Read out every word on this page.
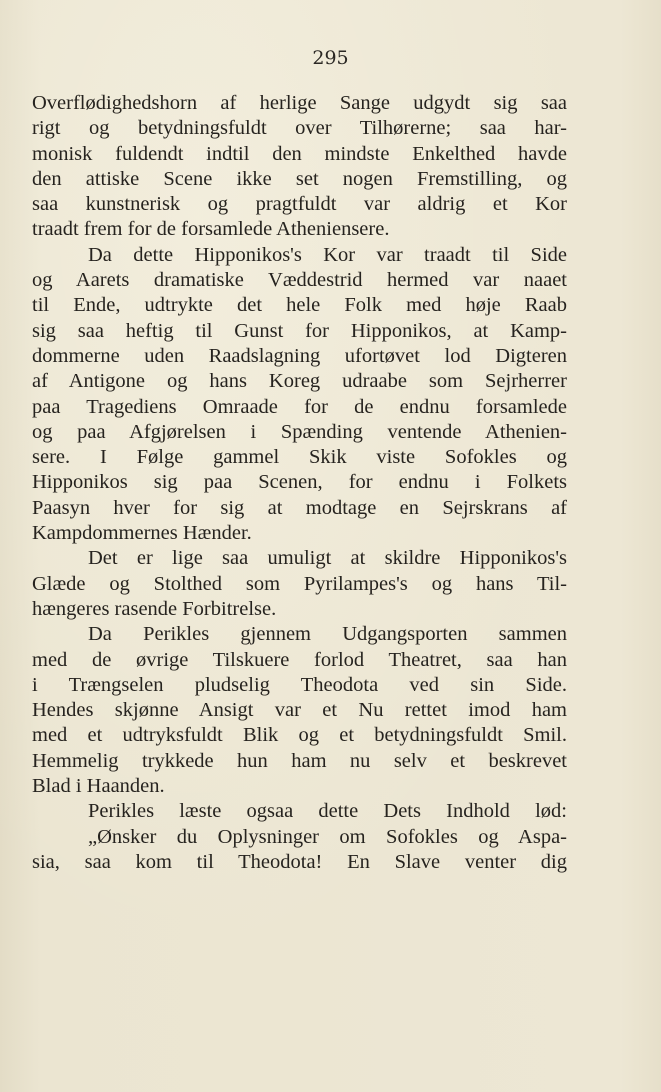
295
Overflødighedshorn af herlige Sange udgydt sig saa
rigt og betydningsfuldt over Tilhørerne; saa har-
monisk fuldendt indtil den mindste Enkelthed havde
den attiske Scene ikke set nogen Fremstilling, og
saa kunstnerisk og pragtfuldt var aldrig et Kor
traadt frem for de forsamlede Atheniensere.
Da dette Hipponikos's Kor var traadt til Side
og Aarets dramatiske Væddestrid hermed var naaet
til Ende, udtrykte det hele Folk med høje Raab
sig saa heftig til Gunst for Hipponikos, at Kamp-
dommerne uden Raadslagning ufortøvet lod Digteren
af Antigone og hans Koreg udraabe som Sejrherrer
paa Tragediens Omraade for de endnu forsamlede
og paa Afgjørelsen i Spænding ventende Athenien-
sere. I Følge gammel Skik viste Sofokles og
Hipponikos sig paa Scenen, for endnu i Folkets
Paasyn hver for sig at modtage en Sejrskrans af
Kampdommernes Hænder.
Det er lige saa umuligt at skildre Hipponikos's
Glæde og Stolthed som Pyrilampes's og hans Til-
hængeres rasende Forbitrelse.
Da Perikles gjennem Udgangsporten sammen
med de øvrige Tilskuere forlod Theatret, saa han
i Trængselen pludselig Theodota ved sin Side.
Hendes skjønne Ansigt var et Nu rettet imod ham
med et udtryksfuldt Blik og et betydningsfuldt Smil.
Hemmelig trykkede hun ham nu selv et beskrevet
Blad i Haanden.
Perikles læste ogsaa dette Dets Indhold lød:
„Ønsker du Oplysninger om Sofokles og Aspa-
sia, saa kom til Theodota! En Slave venter dig
